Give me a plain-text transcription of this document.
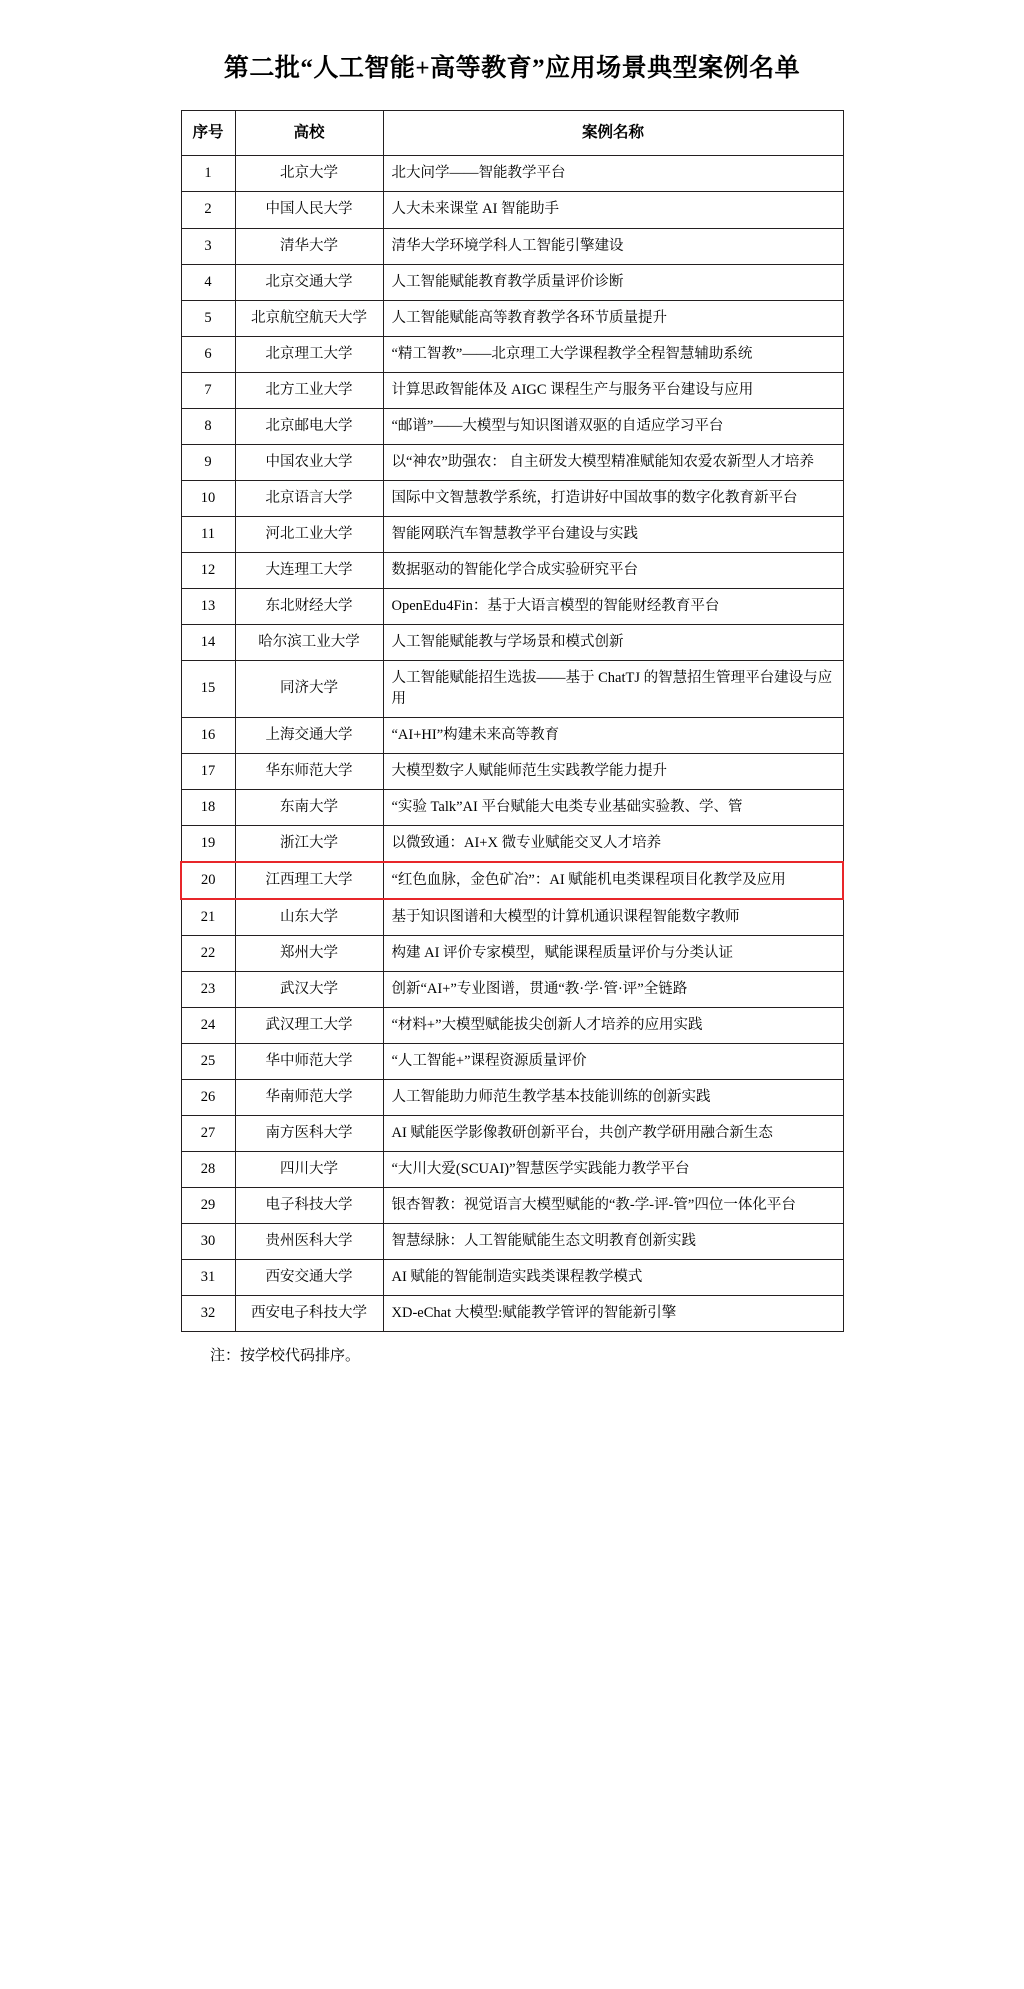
第二批“人工智能+高等教育”应用场景典型案例名单
序号	高校	案例名称
1	北京大学	北大问学——智能教学平台
2	中国人民大学	人大未来课堂 AI 智能助手
3	清华大学	清华大学环境学科人工智能引擎建设
4	北京交通大学	人工智能赋能教育教学质量评价诊断
5	北京航空航天大学	人工智能赋能高等教育教学各环节质量提升
6	北京理工大学	“精工智教”——北京理工大学课程教学全程智慧辅助系统
7	北方工业大学	计算思政智能体及 AIGC 课程生产与服务平台建设与应用
8	北京邮电大学	“邮谱”——大模型与知识图谱双驱的自适应学习平台
9	中国农业大学	以“神农”助强农： 自主研发大模型精准赋能知农爱农新型人才培养
10	北京语言大学	国际中文智慧教学系统，打造讲好中国故事的数字化教育新平台
11	河北工业大学	智能网联汽车智慧教学平台建设与实践
12	大连理工大学	数据驱动的智能化学合成实验研究平台
13	东北财经大学	OpenEdu4Fin：基于大语言模型的智能财经教育平台
14	哈尔滨工业大学	人工智能赋能教与学场景和模式创新
15	同济大学	人工智能赋能招生选拔——基于 ChatTJ 的智慧招生管理平台建设与应用
16	上海交通大学	“AI+HI”构建未来高等教育
17	华东师范大学	大模型数字人赋能师范生实践教学能力提升
18	东南大学	“实验 Talk”AI 平台赋能大电类专业基础实验教、学、管
19	浙江大学	以微致通：AI+X 微专业赋能交叉人才培养
20	江西理工大学	“红色血脉，金色矿冶”：AI 赋能机电类课程项目化教学及应用
21	山东大学	基于知识图谱和大模型的计算机通识课程智能数字教师
22	郑州大学	构建 AI 评价专家模型，赋能课程质量评价与分类认证
23	武汉大学	创新“AI+”专业图谱，贯通“教·学·管·评”全链路
24	武汉理工大学	“材料+”大模型赋能拔尖创新人才培养的应用实践
25	华中师范大学	“人工智能+”课程资源质量评价
26	华南师范大学	人工智能助力师范生教学基本技能训练的创新实践
27	南方医科大学	AI 赋能医学影像教研创新平台，共创产教学研用融合新生态
28	四川大学	“大川大爱(SCUAI)”智慧医学实践能力教学平台
29	电子科技大学	银杏智教：视觉语言大模型赋能的“教-学-评-管”四位一体化平台
30	贵州医科大学	智慧绿脉：人工智能赋能生态文明教育创新实践
31	西安交通大学	AI 赋能的智能制造实践类课程教学模式
32	西安电子科技大学	XD-eChat 大模型:赋能教学管评的智能新引擎
注：按学校代码排序。
